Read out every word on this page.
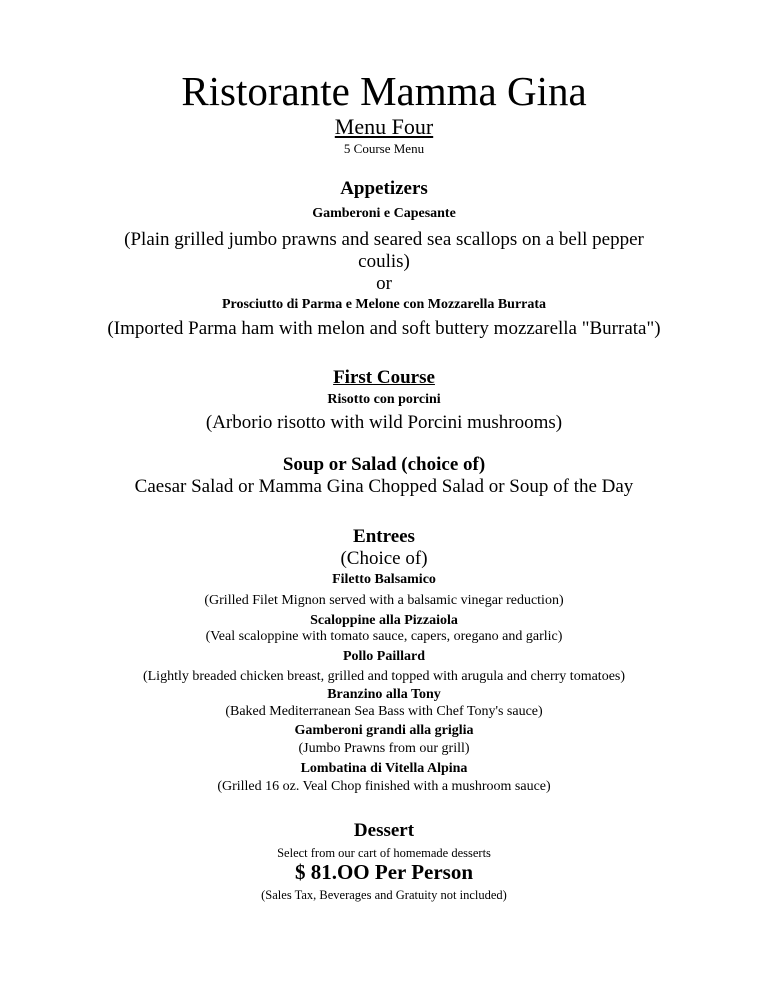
Ristorante Mamma Gina
Menu Four
5 Course Menu
Appetizers
Gamberoni e Capesante
(Plain grilled jumbo prawns and seared sea scallops on a bell pepper
coulis)
or
Prosciutto di Parma e Melone con Mozzarella Burrata
(Imported Parma ham with melon and soft buttery mozzarella "Burrata")
First Course
Risotto con porcini
(Arborio risotto with wild Porcini mushrooms)
Soup or Salad (choice of)
Caesar Salad or Mamma Gina Chopped Salad or Soup of the Day
Entrees
(Choice of)
Filetto Balsamico
(Grilled Filet Mignon served with a balsamic vinegar reduction)
Scaloppine alla Pizzaiola
(Veal scaloppine with tomato sauce, capers, oregano and garlic)
Pollo Paillard
(Lightly breaded chicken breast, grilled and topped with arugula and cherry tomatoes)
Branzino alla Tony
(Baked Mediterranean Sea Bass with Chef Tony's sauce)
Gamberoni grandi alla griglia
(Jumbo Prawns from our grill)
Lombatina di Vitella Alpina
(Grilled 16 oz. Veal Chop finished with a mushroom sauce)
Dessert
Select from our cart of homemade desserts
$ 81.OO Per Person
(Sales Tax, Beverages and Gratuity not included)
